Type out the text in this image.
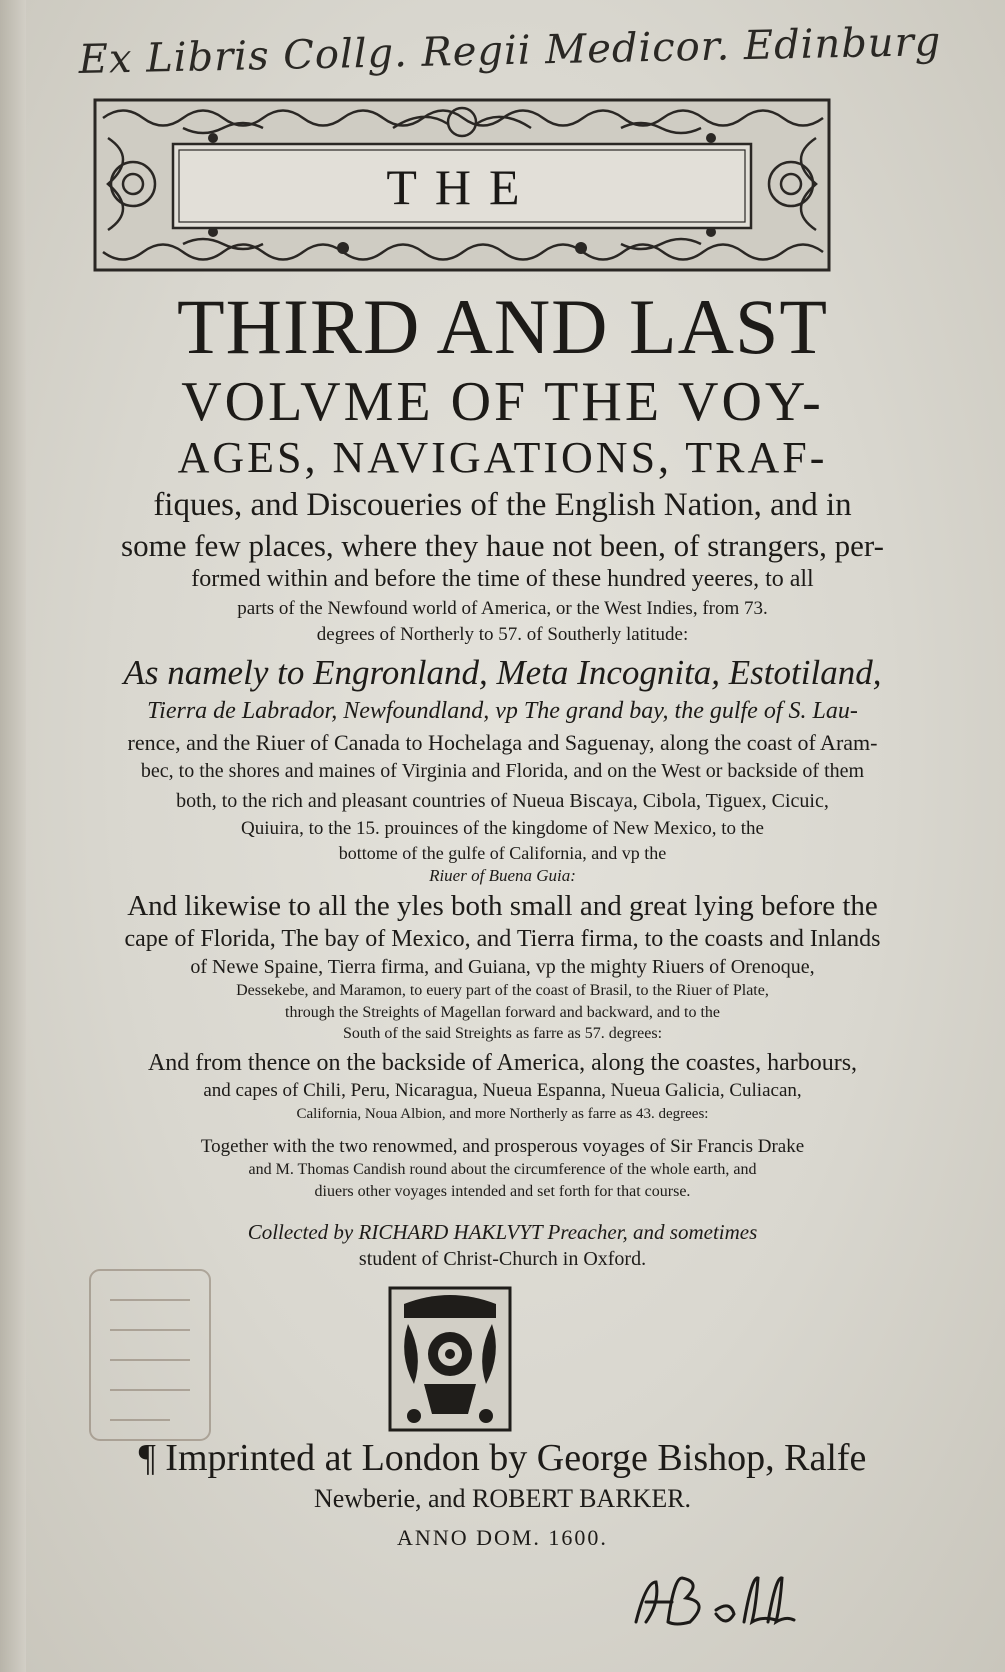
Ex Libris Collg. Regii Medicor. Edinburg
THE
THIRD AND LAST
VOLVME OF THE VOY-
AGES, NAVIGATIONS, TRAF-
fiques, and Discoueries of the English Nation, and in
some few places, where they haue not been, of strangers, per-
formed within and before the time of these hundred yeeres, to all
parts of the Newfound world of America, or the West Indies, from 73.
degrees of Northerly to 57. of Southerly latitude:
As namely to Engronland, Meta Incognita, Estotiland,
Tierra de Labrador, Newfoundland, vp The grand bay, the gulfe of S. Lau-
rence, and the Riuer of Canada to Hochelaga and Saguenay, along the coast of Aram-
bec, to the shores and maines of Virginia and Florida, and on the West or backside of them
both, to the rich and pleasant countries of Nueua Biscaya, Cibola, Tiguex, Cicuic,
Quiuira, to the 15. prouinces of the kingdome of New Mexico, to the
bottome of the gulfe of California, and vp the
Riuer of Buena Guia:
And likewise to all the yles both small and great lying before the
cape of Florida, The bay of Mexico, and Tierra firma, to the coasts and Inlands
of Newe Spaine, Tierra firma, and Guiana, vp the mighty Riuers of Orenoque,
Dessekebe, and Maramon, to euery part of the coast of Brasil, to the Riuer of Plate,
through the Streights of Magellan forward and backward, and to the
South of the said Streights as farre as 57. degrees:
And from thence on the backside of America, along the coastes, harbours,
and capes of Chili, Peru, Nicaragua, Nueua Espanna, Nueua Galicia, Culiacan,
California, Noua Albion, and more Northerly as farre as 43. degrees:
Together with the two renowmed, and prosperous voyages of Sir Francis Drake
and M. Thomas Candish round about the circumference of the whole earth, and
diuers other voyages intended and set forth for that course.
Collected by RICHARD HAKLVYT Preacher, and sometimes
student of Christ-Church in Oxford.
¶ Imprinted at London by George Bishop, Ralfe
Newberie, and ROBERT BARKER.
ANNO DOM. 1600.
